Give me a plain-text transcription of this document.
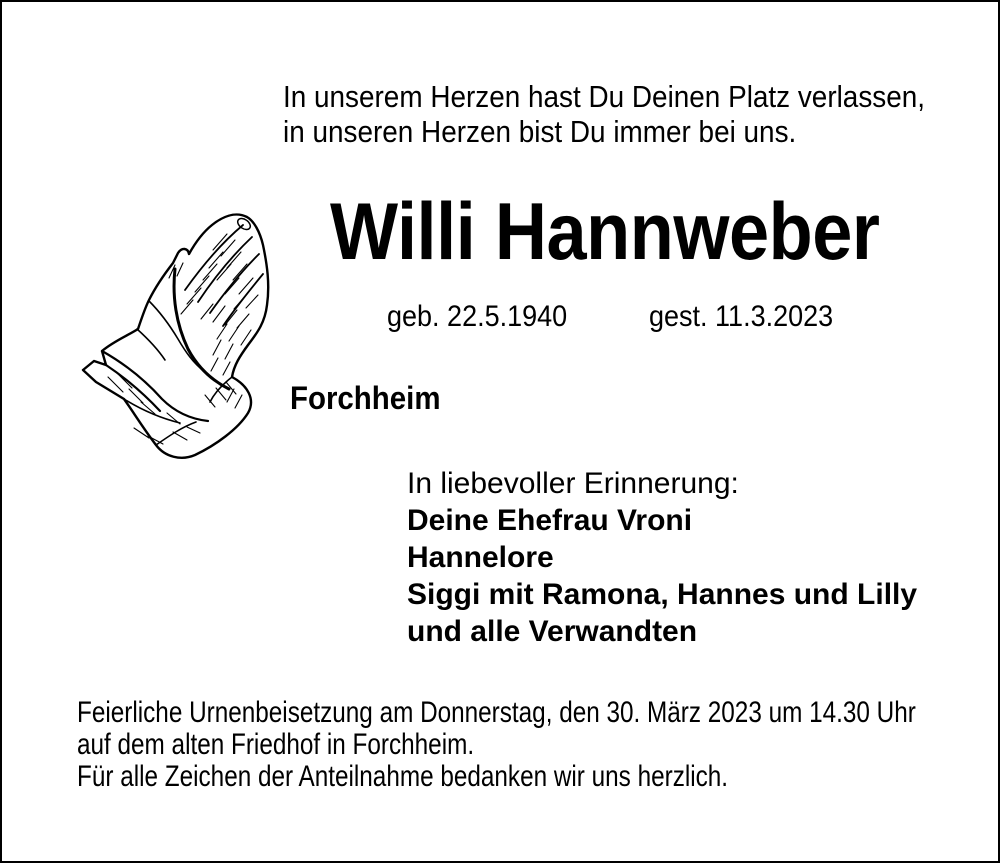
In unserem Herzen hast Du Deinen Platz verlassen,
in unseren Herzen bist Du immer bei uns.
Willi Hannweber
geb. 22.5.1940	gest. 11.3.2023
Forchheim
In liebevoller Erinnerung:
Deine Ehefrau Vroni
Hannelore
Siggi mit Ramona, Hannes und Lilly
und alle Verwandten
Feierliche Urnenbeisetzung am Donnerstag, den 30. März 2023 um 14.30 Uhr
auf dem alten Friedhof in Forchheim.
Für alle Zeichen der Anteilnahme bedanken wir uns herzlich.
